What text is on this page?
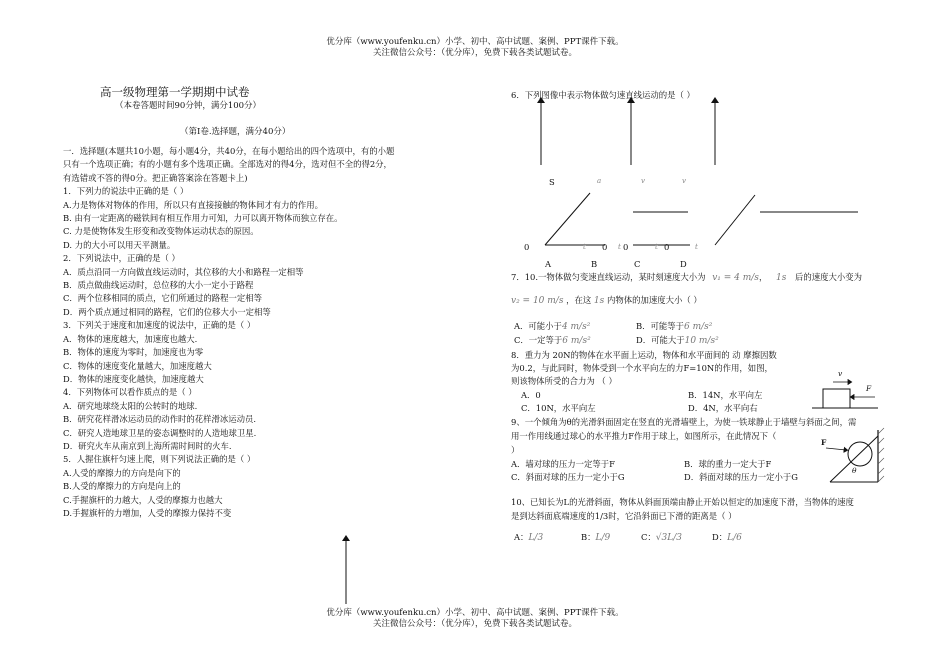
优分库（www.youfenku.cn）小学、初中、高中试题、案例、PPT课件下载。
关注微信公众号：（优分库），免费下载各类试题试卷。
高一级物理第一学期期中试卷
（本卷答题时间90分钟，满分100分）
（第Ⅰ卷.选择题，满分40分）
一．选择题(本题共10小题，每小题4分，共40分，在每小题给出的四个选项中，有的小题
只有一个选项正确；有的小题有多个选项正确。全部选对的得4分，选对但不全的得2分，
有选错或不答的得0分。把正确答案涂在答题卡上)
1．下列力的说法中正确的是（ ）
A.力是物体对物体的作用，所以只有直接接触的物体间才有力的作用。
B. 由有一定距离的磁铁间有相互作用力可知，力可以离开物体而独立存在。
C. 力是使物体发生形变和改变物体运动状态的原因。
D. 力的大小可以用天平测量。
2．下列说法中，正确的是（ ）
A．质点沿同一方向做直线运动时，其位移的大小和路程一定相等
B．质点做曲线运动时，总位移的大小一定小于路程
C．两个位移相同的质点，它们所通过的路程一定相等
D．两个质点通过相同的路程，它们的位移大小一定相等
3．下列关于速度和加速度的说法中，正确的是（ ）
A．物体的速度越大，加速度也越大.
B．物体的速度为零时，加速度也为零
C．物体的速度变化量越大，加速度越大
D．物体的速度变化越快，加速度越大
4．下列物体可以看作质点的是（ ）
A．研究地球绕太阳的公转时的地球.
B．研究花样滑冰运动员的动作时的花样滑冰运动员.
C．研究人造地球卫星的姿态调整时的人造地球卫星.
D．研究火车从南京到上海所需时间时的火车.
5．人握住旗杆匀速上爬，则下列说法正确的是（ ）
A.人受的摩擦力的方向是向下的
B.人受的摩擦力的方向是向上的
C.手握旗杆的力越大，人受的摩擦力也越大
D.手握旗杆的力增加，人受的摩擦力保持不变
6．下列图像中表示物体做匀速直线运动的是（ ）
S	a	v	v
0	t 0 t 0	t 0	t
A	B	C	D
7．10.一物体做匀变速直线运动，某时刻速度大小为 v₁ = 4 m/s， 1s 后的速度大小变为
v₂ = 10 m/s ，在这 1s 内物体的加速度大小（ ）
A．可能小于4 m/s²	B．可能等于6 m/s²
C．一定等于6 m/s²	D．可能大于10 m/s²
8．重力为 20N的物体在水平面上运动，物体和水平面间的 动 摩擦因数
为0.2，与此同时，物体受到一个水平向左的力F=10N的作用，如图，
则该物体所受的合力为 （ ）
A．0	B．14N，水平向左
C．10N，水平向左	D．4N，水平向右
v
F
9、一个倾角为θ的光滑斜面固定在竖直的光滑墙壁上，为使一铁球静止于墙壁与斜面之间，需
用一作用线通过球心的水平推力F作用于球上，如图所示，在此情况下（
）
A．墙对球的压力一定等于F	B．球的重力一定大于F
C．斜面对球的压力一定小于G	D．斜面对球的压力一定小于G
F
θ
10、已知长为L的光滑斜面，物体从斜面顶端由静止开始以恒定的加速度下滑，当物体的速度
是到达斜面底端速度的1/3时，它沿斜面已下滑的距离是（ ）
A：L/3	B：L/9	C：√3L/3	D：L/6
优分库（www.youfenku.cn）小学、初中、高中试题、案例、PPT课件下载。
关注微信公众号：（优分库），免费下载各类试题试卷。
